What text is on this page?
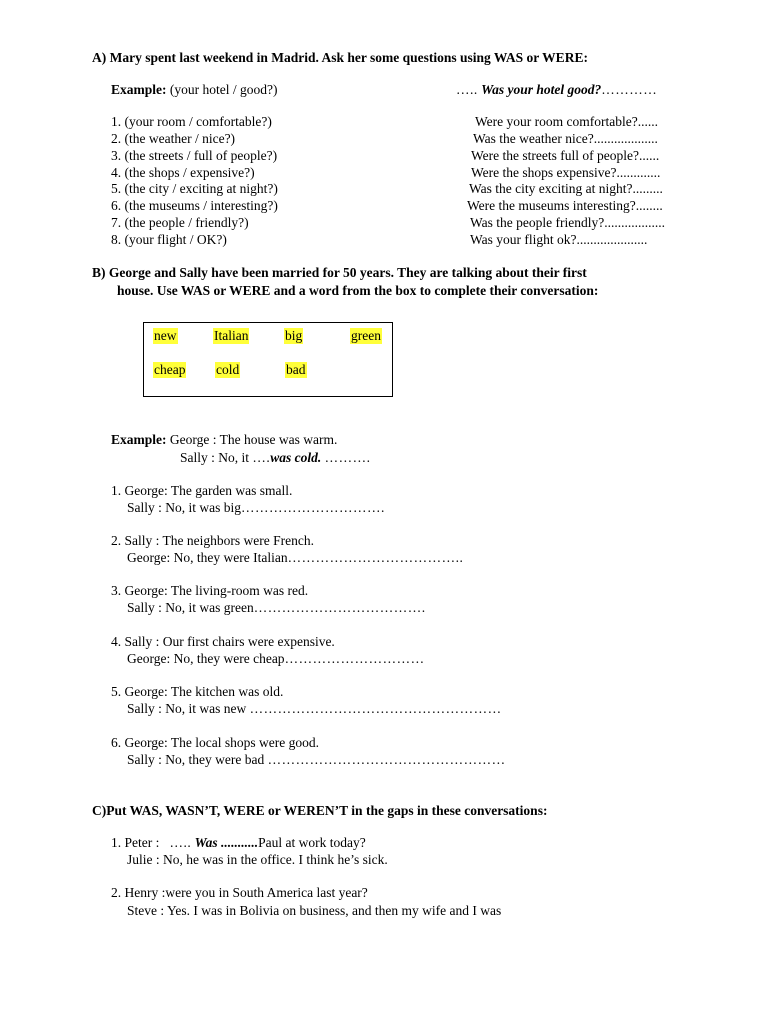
A) Mary spent last weekend in Madrid. Ask her some questions using WAS or WERE:
Example: (your hotel / good?)	….. Was your hotel good?…………
1. (your room / comfortable?)	Were your room comfortable?......
2. (the weather / nice?)	Was the weather nice?...................
3. (the streets / full of people?)	Were the streets full of people?......
4. (the shops / expensive?)	Were the shops expensive?.............
5. (the city / exciting at night?)	Was the city exciting at night?.........
6. (the museums / interesting?)	Were the museums interesting?........
7. (the people / friendly?)	Was the people friendly?..................
8. (your flight / OK?)	Was your flight ok?.....................
B) George and Sally have been married for 50 years. They are talking about their first
house. Use WAS or WERE and a word from the box to complete their conversation:
new	Italian	big	green
cheap cold	bad
Example: George : The house was warm.
Sally : No, it ….was cold. ……….
1. George: The garden was small.
Sally : No, it was big………………………….
2. Sally : The neighbors were French.
George: No, they were Italian………………………………..
3. George: The living-room was red.
Sally : No, it was green……………………………….
4. Sally : Our first chairs were expensive.
George: No, they were cheap…………………………
5. George: The kitchen was old.
Sally : No, it was new ………………………………………………
6. George: The local shops were good.
Sally : No, they were bad ……………………………………………
C)Put WAS, WASN’T, WERE or WEREN’T in the gaps in these conversations:
1. Peter : ….. Was ...........Paul at work today?
Julie : No, he was in the office. I think he’s sick.
2. Henry :were you in South America last year?
Steve : Yes. I was in Bolivia on business, and then my wife and I was
